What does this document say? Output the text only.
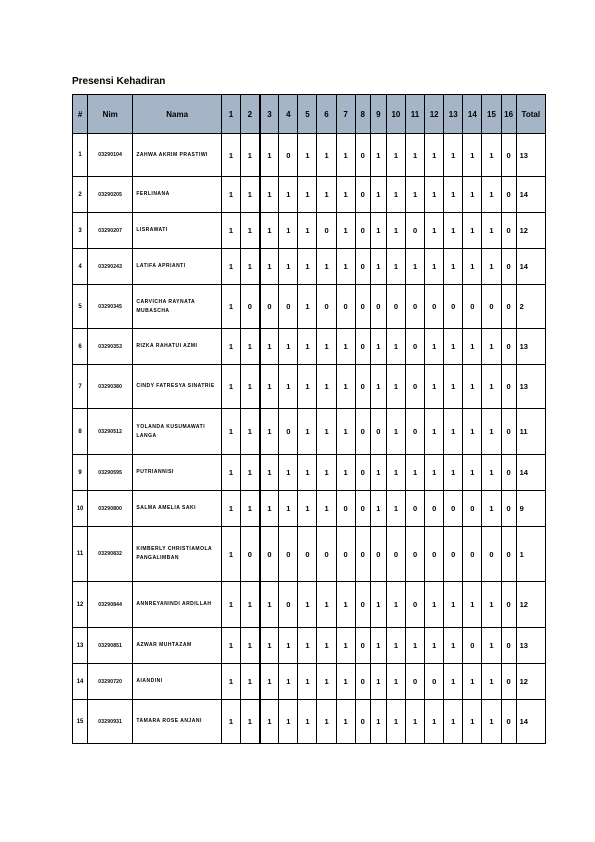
Presensi Kehadiran
#	Nim	Nama	1	2	3	4	5	6	7	8	9	10	11	12	13	14	15	16	Total
1	03290104	ZAHWA AKRIM PRASTIWI	1	1	1	0	1	1	1	0	1	1	1	1	1	1	1	0	13
2	03290205	FERLINANA	1	1	1	1	1	1	1	0	1	1	1	1	1	1	1	0	14
3	03290207	LISRAWATI	1	1	1	1	1	0	1	0	1	1	0	1	1	1	1	0	12
4	03290243	LATIFA APRIANTI	1	1	1	1	1	1	1	0	1	1	1	1	1	1	1	0	14
5	03290345	CARVICHA RAYNATA MUBASCHA	1	0	0	0	1	0	0	0	0	0	0	0	0	0	0	0	2
6	03290353	RIZKA RAHATUI AZMI	1	1	1	1	1	1	1	0	1	1	0	1	1	1	1	0	13
7	03290380	CINDY FATRESYA SINATRIE	1	1	1	1	1	1	1	0	1	1	0	1	1	1	1	0	13
8	03290512	YOLANDA KUSUMAWATI LANGA	1	1	1	0	1	1	1	0	0	1	0	1	1	1	1	0	11
9	03290595	PUTRIANNISI	1	1	1	1	1	1	1	0	1	1	1	1	1	1	1	0	14
10	03290800	SALMA AMELIA SAKI	1	1	1	1	1	1	0	0	1	1	0	0	0	0	1	0	9
11	03290832	KIMBERLY CHRISTIAMOLA PANGALIMBAN	1	0	0	0	0	0	0	0	0	0	0	0	0	0	0	0	1
12	03290844	ANNREYANINDI ARDILLAH	1	1	1	0	1	1	1	0	1	1	0	1	1	1	1	0	12
13	03290851	AZWAR MUHTAZAM	1	1	1	1	1	1	1	0	1	1	1	1	1	0	1	0	13
14	03290720	AIANDINI	1	1	1	1	1	1	1	0	1	1	0	0	1	1	1	0	12
15	03290931	TAMARA ROSE ANJANI	1	1	1	1	1	1	1	0	1	1	1	1	1	1	1	0	14
